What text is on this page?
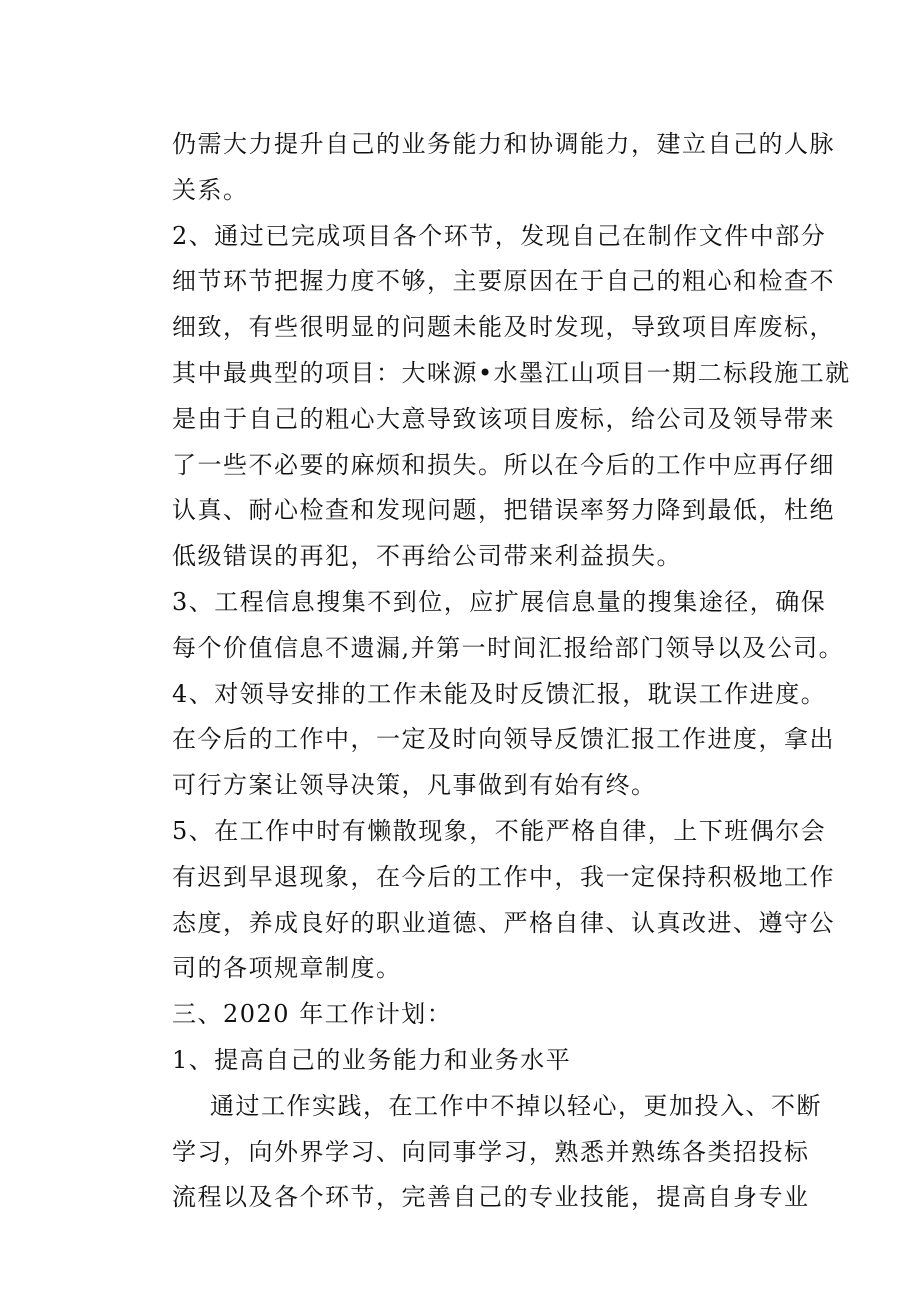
仍需大力提升自己的业务能力和协调能力，建立自己的人脉
关系。
2、通过已完成项目各个环节，发现自己在制作文件中部分
细节环节把握力度不够，主要原因在于自己的粗心和检查不
细致，有些很明显的问题未能及时发现，导致项目库废标，
其中最典型的项目：大咪源•水墨江山项目一期二标段施工就
是由于自己的粗心大意导致该项目废标，给公司及领导带来
了一些不必要的麻烦和损失。所以在今后的工作中应再仔细
认真、耐心检查和发现问题，把错误率努力降到最低，杜绝
低级错误的再犯，不再给公司带来利益损失。
3、工程信息搜集不到位，应扩展信息量的搜集途径，确保
每个价值信息不遗漏,并第一时间汇报给部门领导以及公司。
4、对领导安排的工作未能及时反馈汇报，耽误工作进度。
在今后的工作中，一定及时向领导反馈汇报工作进度，拿出
可行方案让领导决策，凡事做到有始有终。
5、在工作中时有懒散现象，不能严格自律，上下班偶尔会
有迟到早退现象，在今后的工作中，我一定保持积极地工作
态度，养成良好的职业道德、严格自律、认真改进、遵守公
司的各项规章制度。
三、2020 年工作计划：
1、提高自己的业务能力和业务水平
通过工作实践，在工作中不掉以轻心，更加投入、不断
学习，向外界学习、向同事学习，熟悉并熟练各类招投标
流程以及各个环节，完善自己的专业技能，提高自身专业
